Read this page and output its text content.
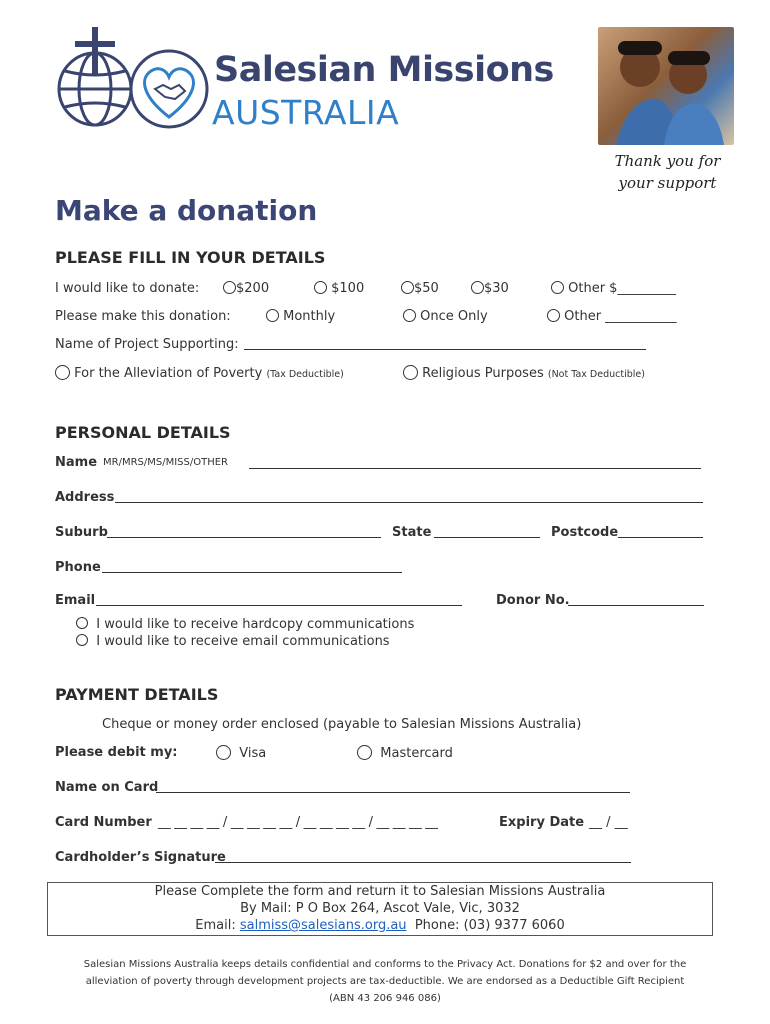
Salesian Missions
AUSTRALIA
Thank you for
your support
Make a donation
PLEASE FILL IN YOUR DETAILS
I would like to donate:	$200	$100	$50	$30	Other $_________
Please make this donation:	Monthly	Once Only	Other ___________
Name of Project Supporting:
For the Alleviation of Poverty (Tax Deductible)	Religious Purposes (Not Tax Deductible)
PERSONAL DETAILS
Name MR/MRS/MS/MISS/OTHER
Address
Suburb	State	Postcode
Phone
Email	Donor No.
I would like to receive hardcopy communications
I would like to receive email communications
PAYMENT DETAILS
Cheque or money order enclosed (payable to Salesian Missions Australia)
Please debit my:	Visa	Mastercard
Name on Card
Card Number __ __ __ __ / __ __ __ __ / __ __ __ __ / __ __ __ __	Expiry Date __ / __
Cardholder’s Signature
Please Complete the form and return it to Salesian Missions Australia
By Mail: P O Box 264, Ascot Vale, Vic, 3032
Email: salmiss@salesians.org.au Phone: (03) 9377 6060
Salesian Missions Australia keeps details confidential and conforms to the Privacy Act. Donations for $2 and over for the
alleviation of poverty through development projects are tax-deductible. We are endorsed as a Deductible Gift Recipient
(ABN 43 206 946 086)
